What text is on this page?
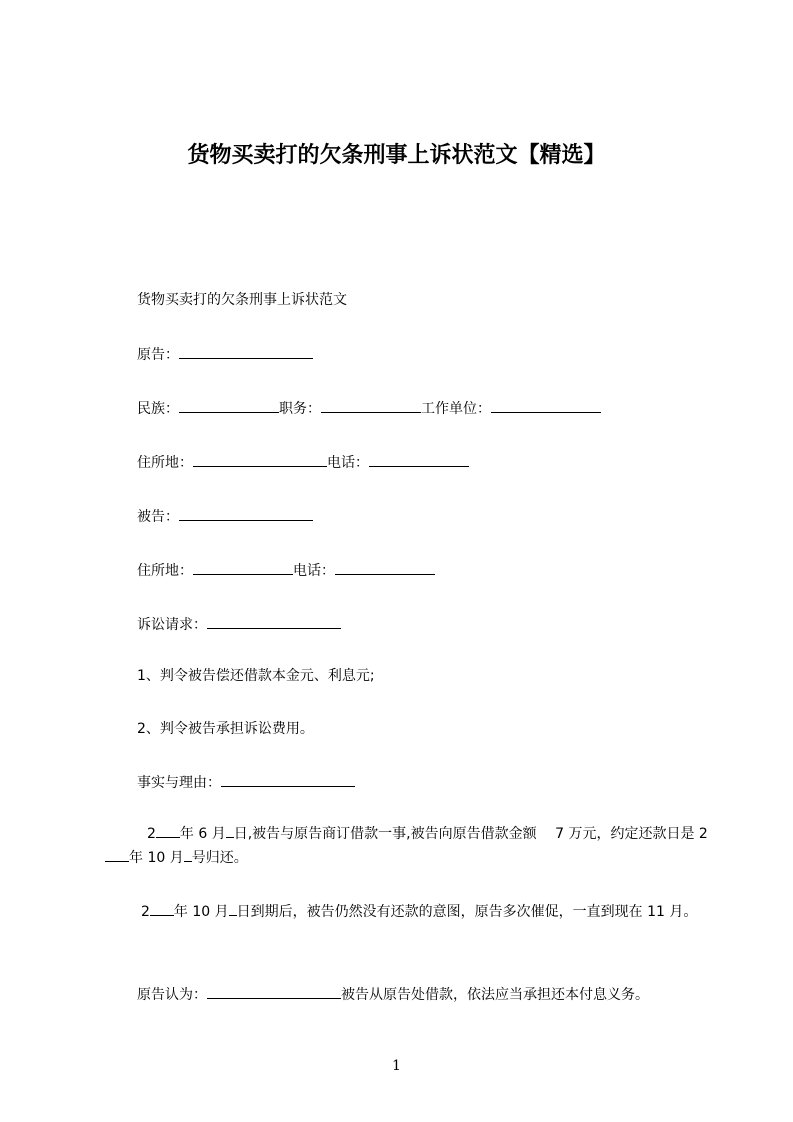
货物买卖打的欠条刑事上诉状范文【精选】

货物买卖打的欠条刑事上诉状范文

原告：

民族：	职务：	工作单位：

住所地：	电话：

被告：

住所地：	电话：

诉讼请求：

1、判令被告偿还借款本金元、利息元;

2、判令被告承担诉讼费用。

事实与理由：

2 年 6 月 日,被告与原告商订借款一事,被告向原告借款金额　 7 万元，约定还款日是 2年 10 月 号归还。

2 年 10 月 日到期后，被告仍然没有还款的意图，原告多次催促，一直到现在 11 月。

原告认为：	被告从原告处借款，依法应当承担还本付息义务。

1
